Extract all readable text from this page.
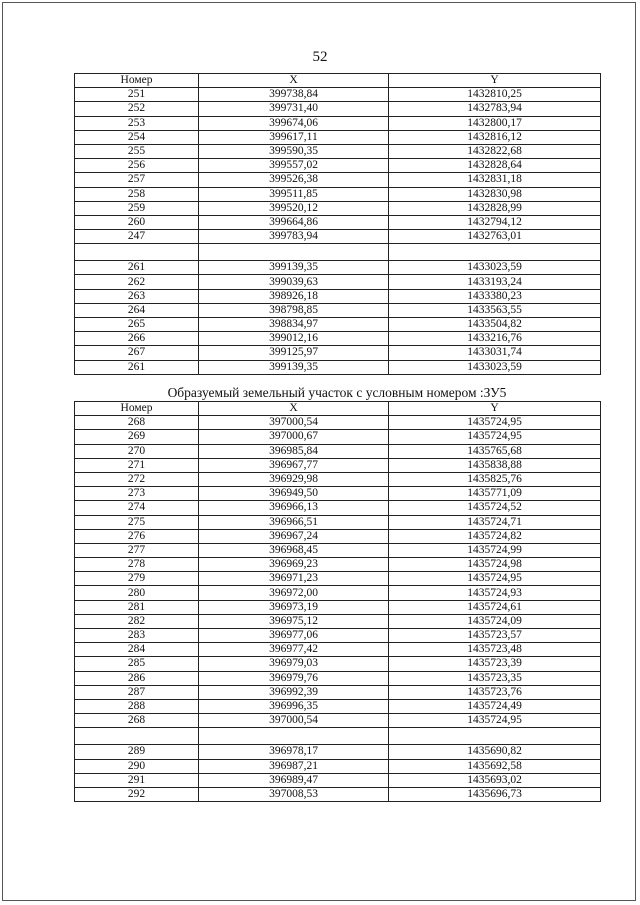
52
Номер	X	Y
251	399738,84	1432810,25
252	399731,40	1432783,94
253	399674,06	1432800,17
254	399617,11	1432816,12
255	399590,35	1432822,68
256	399557,02	1432828,64
257	399526,38	1432831,18
258	399511,85	1432830,98
259	399520,12	1432828,99
260	399664,86	1432794,12
247	399783,94	1432763,01

261	399139,35	1433023,59
262	399039,63	1433193,24
263	398926,18	1433380,23
264	398798,85	1433563,55
265	398834,97	1433504,82
266	399012,16	1433216,76
267	399125,97	1433031,74
261	399139,35	1433023,59
Образуемый земельный участок с условным номером :ЗУ5
Номер	X	Y
268	397000,54	1435724,95
269	397000,67	1435724,95
270	396985,84	1435765,68
271	396967,77	1435838,88
272	396929,98	1435825,76
273	396949,50	1435771,09
274	396966,13	1435724,52
275	396966,51	1435724,71
276	396967,24	1435724,82
277	396968,45	1435724,99
278	396969,23	1435724,98
279	396971,23	1435724,95
280	396972,00	1435724,93
281	396973,19	1435724,61
282	396975,12	1435724,09
283	396977,06	1435723,57
284	396977,42	1435723,48
285	396979,03	1435723,39
286	396979,76	1435723,35
287	396992,39	1435723,76
288	396996,35	1435724,49
268	397000,54	1435724,95

289	396978,17	1435690,82
290	396987,21	1435692,58
291	396989,47	1435693,02
292	397008,53	1435696,73
